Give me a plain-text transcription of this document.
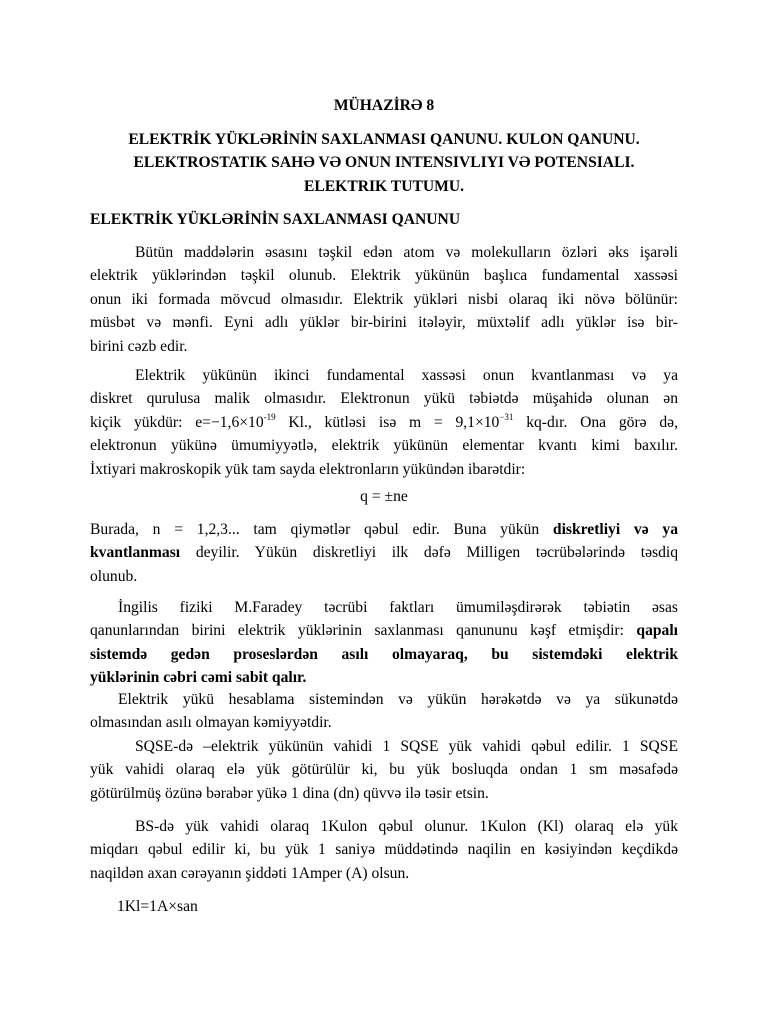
MÜHAZİRƏ 8

ELEKTRİK YÜKLƏRİNİN SAXLANMASI QANUNU. KULON QANUNU.
ELEKTROSTATIK SAHƏ VƏ ONUN INTENSIVLIYI VƏ POTENSIALI.
ELEKTRIK TUTUMU.

ELEKTRİK YÜKLƏRİNİN SAXLANMASI QANUNU

Bütün maddələrin əsasını təşkil edən atom və molekulların özləri əks işarəli
elektrik yüklərindən təşkil olunub. Elektrik yükünün başlıca fundamental xassəsi
onun iki formada mövcud olmasıdır. Elektrik yükləri nisbi olaraq iki növə bölünür:
müsbət və mənfi. Eyni adlı yüklər bir-birini itələyir, müxtəlif adlı yüklər isə bir-
birini cəzb edir.

Elektrik yükünün ikinci fundamental xassəsi onun kvantlanması və ya
diskret qurulusa malik olmasıdır. Elektronun yükü təbiətdə müşahidə olunan ən
kiçik yükdür: $e=-1,6\times 10^{-19}$ Kl., kütləsi isə $m = 9,1\times 10^{-31}$ kq-dır. Ona görə də,
elektronun yükünə ümumiyyətlə, elektrik yükünün elementar kvantı kimi baxılır.
İxtiyari makroskopik yük tam sayda elektronların yükündən ibarətdir:

q = ±ne

Burada, n = 1,2,3... tam qiymətlər qəbul edir. Buna yükün diskretliyi və ya
kvantlanması deyilir. Yükün diskretliyi ilk dəfə Milligen təcrübələrində təsdiq
olunub.

İngilis fiziki M.Faradey təcrübi faktları ümumiləşdirərək təbiətin əsas
qanunlarından birini elektrik yüklərinin saxlanması qanununu kəşf etmişdir: qapalı
sistemdə gedən proseslərdən asılı olmayaraq, bu sistemdəki elektrik
yüklərinin cəbri cəmi sabit qalır.

Elektrik yükü hesablama sistemindən və yükün hərəkətdə və ya sükunətdə
olmasından asılı olmayan kəmiyyətdir.

SQSE-də –elektrik yükünün vahidi 1 SQSE yük vahidi qəbul edilir. 1 SQSE
yük vahidi olaraq elə yük götürülür ki, bu yük bosluqda ondan 1 sm məsafədə
götürülmüş özünə bərabər yükə 1 dina (dn) qüvvə ilə təsir etsin.

BS-də yük vahidi olaraq 1Kulon qəbul olunur. 1Kulon (Kl) olaraq elə yük
miqdarı qəbul edilir ki, bu yük 1 saniyə müddətində naqilin en kəsiyindən keçdikdə
naqildən axan cərəyanın şiddəti 1Amper (A) olsun.

1Kl=1A×san
